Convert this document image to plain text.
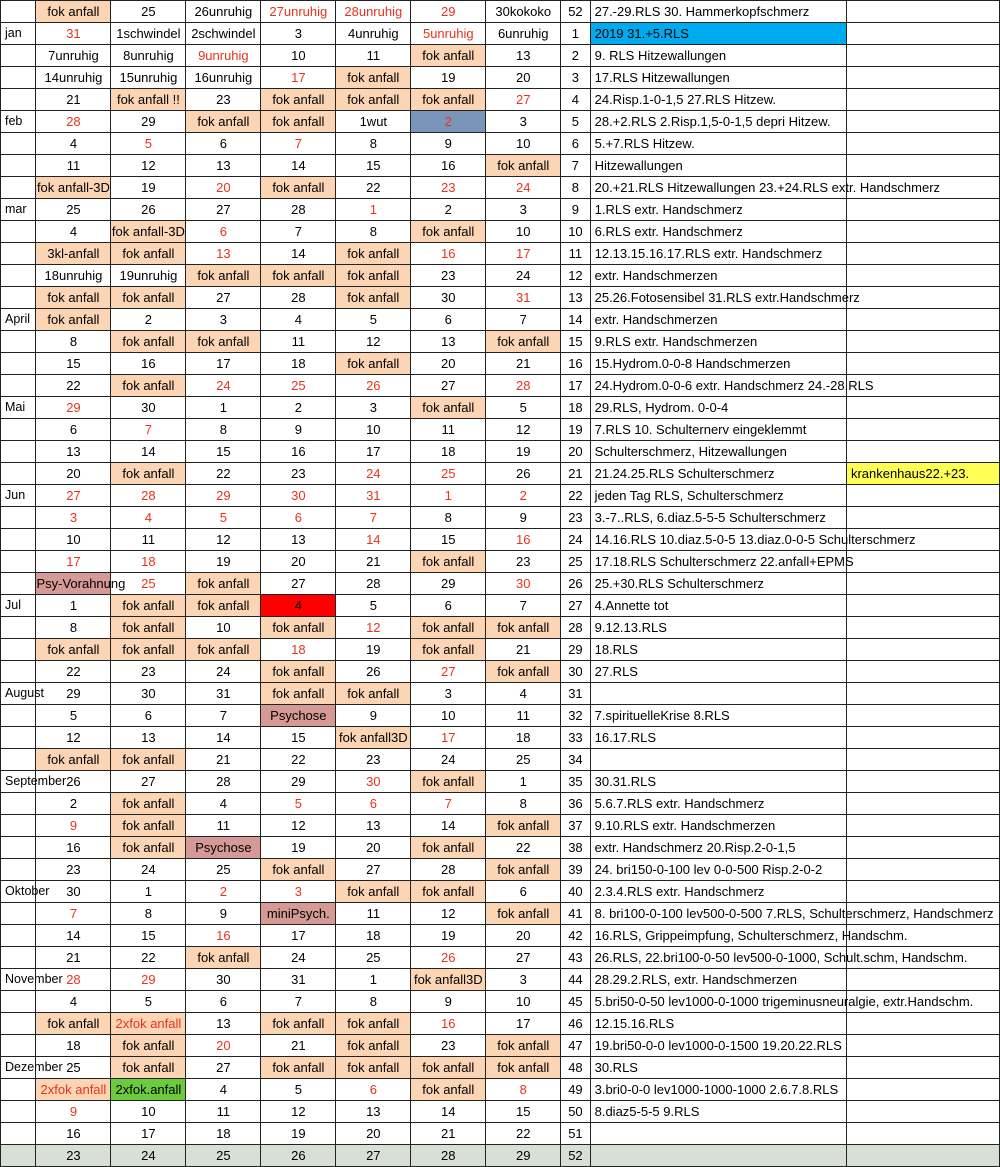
	fok anfall	25	26unruhig	27unruhig	28unruhig	29	30kokoko	52	27.-29.RLS 30. Hammerkopfschmerz	
jan	31	1schwindel	2schwindel	3	4unruhig	5unruhig	6unruhig	1	2019 31.+5.RLS	
	7unruhig	8unruhig	9unruhig	10	11	fok anfall	13	2	9. RLS Hitzewallungen	
	14unruhig	15unruhig	16unruhig	17	fok anfall	19	20	3	17.RLS Hitzewallungen	
	21	fok anfall !!	23	fok anfall	fok anfall	fok anfall	27	4	24.Risp.1-0-1,5 27.RLS Hitzew.	
feb	28	29	fok anfall	fok anfall	1wut	2	3	5	28.+2.RLS 2.Risp.1,5-0-1,5 depri Hitzew.	
	4	5	6	7	8	9	10	6	5.+7.RLS Hitzew.	
	11	12	13	14	15	16	fok anfall	7	Hitzewallungen	
	fok anfall-3D	19	20	fok anfall	22	23	24	8	20.+21.RLS Hitzewallungen 23.+24.RLS extr. Handschmerz	
mar	25	26	27	28	1	2	3	9	1.RLS extr. Handschmerz	
	4	fok anfall-3D	6	7	8	fok anfall	10	10	6.RLS extr. Handschmerz	
	3kl-anfall	fok anfall	13	14	fok anfall	16	17	11	12.13.15.16.17.RLS extr. Handschmerz	
	18unruhig	19unruhig	fok anfall	fok anfall	fok anfall	23	24	12	extr. Handschmerzen	
	fok anfall	fok anfall	27	28	fok anfall	30	31	13	25.26.Fotosensibel 31.RLS extr.Handschmerz	
April	fok anfall	2	3	4	5	6	7	14	extr. Handschmerzen	
	8	fok anfall	fok anfall	11	12	13	fok anfall	15	9.RLS extr. Handschmerzen	
	15	16	17	18	fok anfall	20	21	16	15.Hydrom.0-0-8 Handschmerzen	
	22	fok anfall	24	25	26	27	28	17	24.Hydrom.0-0-6 extr. Handschmerz 24.-28.RLS	
Mai	29	30	1	2	3	fok anfall	5	18	29.RLS, Hydrom. 0-0-4	
	6	7	8	9	10	11	12	19	7.RLS 10. Schulternerv eingeklemmt	
	13	14	15	16	17	18	19	20	Schulterschmerz, Hitzewallungen	
	20	fok anfall	22	23	24	25	26	21	21.24.25.RLS Schulterschmerz	krankenhaus22.+23.
Jun	27	28	29	30	31	1	2	22	jeden Tag RLS, Schulterschmerz	
	3	4	5	6	7	8	9	23	3.-7..RLS, 6.diaz.5-5-5 Schulterschmerz	
	10	11	12	13	14	15	16	24	14.16.RLS 10.diaz.5-0-5 13.diaz.0-0-5 Schulterschmerz	
	17	18	19	20	21	fok anfall	23	25	17.18.RLS Schulterschmerz 22.anfall+EPMS	
	Psy-Vorahnung	25	fok anfall	27	28	29	30	26	25.+30.RLS Schulterschmerz	
Jul	1	fok anfall	fok anfall	4	5	6	7	27	4.Annette tot	
	8	fok anfall	10	fok anfall	12	fok anfall	fok anfall	28	9.12.13.RLS	
	fok anfall	fok anfall	fok anfall	18	19	fok anfall	21	29	18.RLS	
	22	23	24	fok anfall	26	27	fok anfall	30	27.RLS	
August	29	30	31	fok anfall	fok anfall	3	4	31		
	5	6	7	Psychose	9	10	11	32	7.spirituelleKrise 8.RLS	
	12	13	14	15	fok anfall3D	17	18	33	16.17.RLS	
	fok anfall	fok anfall	21	22	23	24	25	34		
September	26	27	28	29	30	fok anfall	1	35	30.31.RLS	
	2	fok anfall	4	5	6	7	8	36	5.6.7.RLS extr. Handschmerz	
	9	fok anfall	11	12	13	14	fok anfall	37	9.10.RLS extr. Handschmerzen	
	16	fok anfall	Psychose	19	20	fok anfall	22	38	extr. Handschmerz 20.Risp.2-0-1,5	
	23	24	25	fok anfall	27	28	fok anfall	39	24. bri150-0-100 lev 0-0-500 Risp.2-0-2	
Oktober	30	1	2	3	fok anfall	fok anfall	6	40	2.3.4.RLS extr. Handschmerz	
	7	8	9	miniPsych.	11	12	fok anfall	41	8. bri100-0-100 lev500-0-500 7.RLS, Schulterschmerz, Handschmerz	
	14	15	16	17	18	19	20	42	16.RLS, Grippeimpfung, Schulterschmerz, Handschm.	
	21	22	fok anfall	24	25	26	27	43	26.RLS, 22.bri100-0-50 lev500-0-1000, Schult.schm, Handschm.	
November	28	29	30	31	1	fok anfall3D	3	44	28.29.2.RLS, extr. Handschmerzen	
	4	5	6	7	8	9	10	45	5.bri50-0-50 lev1000-0-1000 trigeminusneuralgie, extr.Handschm.	
	fok anfall	2xfok anfall	13	fok anfall	fok anfall	16	17	46	12.15.16.RLS	
	18	fok anfall	20	21	fok anfall	23	fok anfall	47	19.bri50-0-0 lev1000-0-1500 19.20.22.RLS	
Dezember	25	fok anfall	27	fok anfall	fok anfall	fok anfall	fok anfall	48	30.RLS	
	2xfok anfall	2xfok.anfall	4	5	6	fok anfall	8	49	3.bri0-0-0 lev1000-1000-1000 2.6.7.8.RLS	
	9	10	11	12	13	14	15	50	8.diaz5-5-5 9.RLS	
	16	17	18	19	20	21	22	51		
	23	24	25	26	27	28	29	52		
